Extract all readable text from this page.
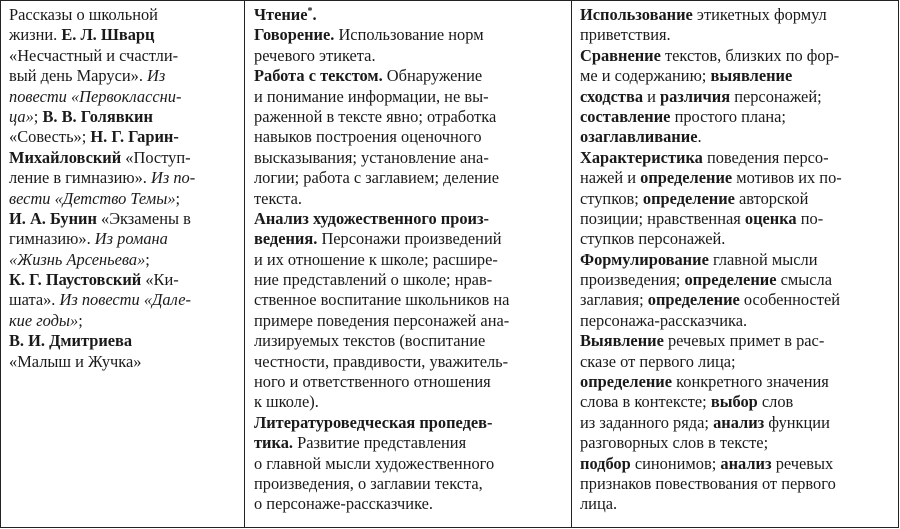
Рассказы о школьной
жизни. Е. Л. Шварц
«Несчастный и счастли-
вый день Маруси». Из
повести «Первоклассни-
ца»; В. В. Голявкин
«Совесть»; Н. Г. Гарин-
Михайловский «Поступ-
ление в гимназию». Из по-
вести «Детство Темы»;
И. А. Бунин «Экзамены в
гимназию». Из романа
«Жизнь Арсеньева»;
К. Г. Паустовский «Ки-
шата». Из повести «Дале-
кие годы»;
В. И. Дмитриева
«Малыш и Жучка»
Чтение*.
Говорение. Использование норм
речевого этикета.
Работа с текстом. Обнаружение
и понимание информации, не вы-
раженной в тексте явно; отработка
навыков построения оценочного
высказывания; установление ана-
логии; работа с заглавием; деление
текста.
Анализ художественного произ-
ведения. Персонажи произведений
и их отношение к школе; расшире-
ние представлений о школе; нрав-
ственное воспитание школьников на
примере поведения персонажей ана-
лизируемых текстов (воспитание
честности, правдивости, уважитель-
ного и ответственного отношения
к школе).
Литературоведческая пропедев-
тика. Развитие представления
о главной мысли художественного
произведения, о заглавии текста,
о персонаже-рассказчике.
Использование этикетных формул
приветствия.
Сравнение текстов, близких по фор-
ме и содержанию; выявление
сходства и различия персонажей;
составление простого плана;
озаглавливание.
Характеристика поведения персо-
нажей и определение мотивов их по-
ступков; определение авторской
позиции; нравственная оценка по-
ступков персонажей.
Формулирование главной мысли
произведения; определение смысла
заглавия; определение особенностей
персонажа-рассказчика.
Выявление речевых примет в рас-
сказе от первого лица;
определение конкретного значения
слова в контексте; выбор слов
из заданного ряда; анализ функции
разговорных слов в тексте;
подбор синонимов; анализ речевых
признаков повествования от первого
лица.
